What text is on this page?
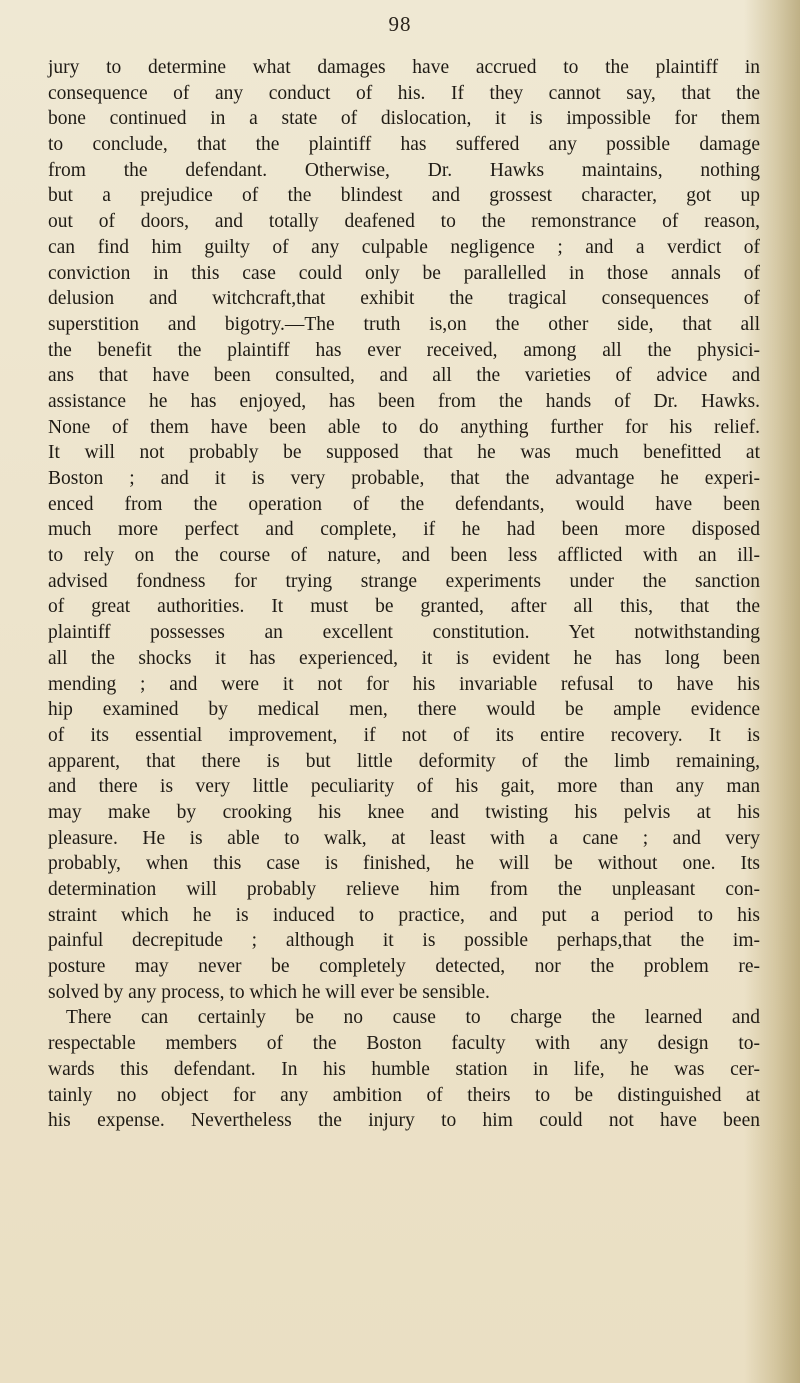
98
jury to determine what damages have accrued to the plaintiff in
consequence of any conduct of his. If they cannot say, that the
bone continued in a state of dislocation, it is impossible for them
to conclude, that the plaintiff has suffered any possible damage
from the defendant. Otherwise, Dr. Hawks maintains, nothing
but a prejudice of the blindest and grossest character, got up
out of doors, and totally deafened to the remonstrance of reason,
can find him guilty of any culpable negligence ; and a verdict of
conviction in this case could only be parallelled in those annals of
delusion and witchcraft,that exhibit the tragical consequences of
superstition and bigotry.—The truth is,on the other side, that all
the benefit the plaintiff has ever received, among all the physici-
ans that have been consulted, and all the varieties of advice and
assistance he has enjoyed, has been from the hands of Dr. Hawks.
None of them have been able to do anything further for his relief.
It will not probably be supposed that he was much benefitted at
Boston ; and it is very probable, that the advantage he experi-
enced from the operation of the defendants, would have been
much more perfect and complete, if he had been more disposed
to rely on the course of nature, and been less afflicted with an ill-
advised fondness for trying strange experiments under the sanction
of great authorities. It must be granted, after all this, that the
plaintiff possesses an excellent constitution. Yet notwithstanding
all the shocks it has experienced, it is evident he has long been
mending ; and were it not for his invariable refusal to have his
hip examined by medical men, there would be ample evidence
of its essential improvement, if not of its entire recovery. It is
apparent, that there is but little deformity of the limb remaining,
and there is very little peculiarity of his gait, more than any man
may make by crooking his knee and twisting his pelvis at his
pleasure. He is able to walk, at least with a cane ; and very
probably, when this case is finished, he will be without one. Its
determination will probably relieve him from the unpleasant con-
straint which he is induced to practice, and put a period to his
painful decrepitude ; although it is possible perhaps,that the im-
posture may never be completely detected, nor the problem re-
solved by any process, to which he will ever be sensible.
There can certainly be no cause to charge the learned and
respectable members of the Boston faculty with any design to-
wards this defendant. In his humble station in life, he was cer-
tainly no object for any ambition of theirs to be distinguished at
his expense. Nevertheless the injury to him could not have been
